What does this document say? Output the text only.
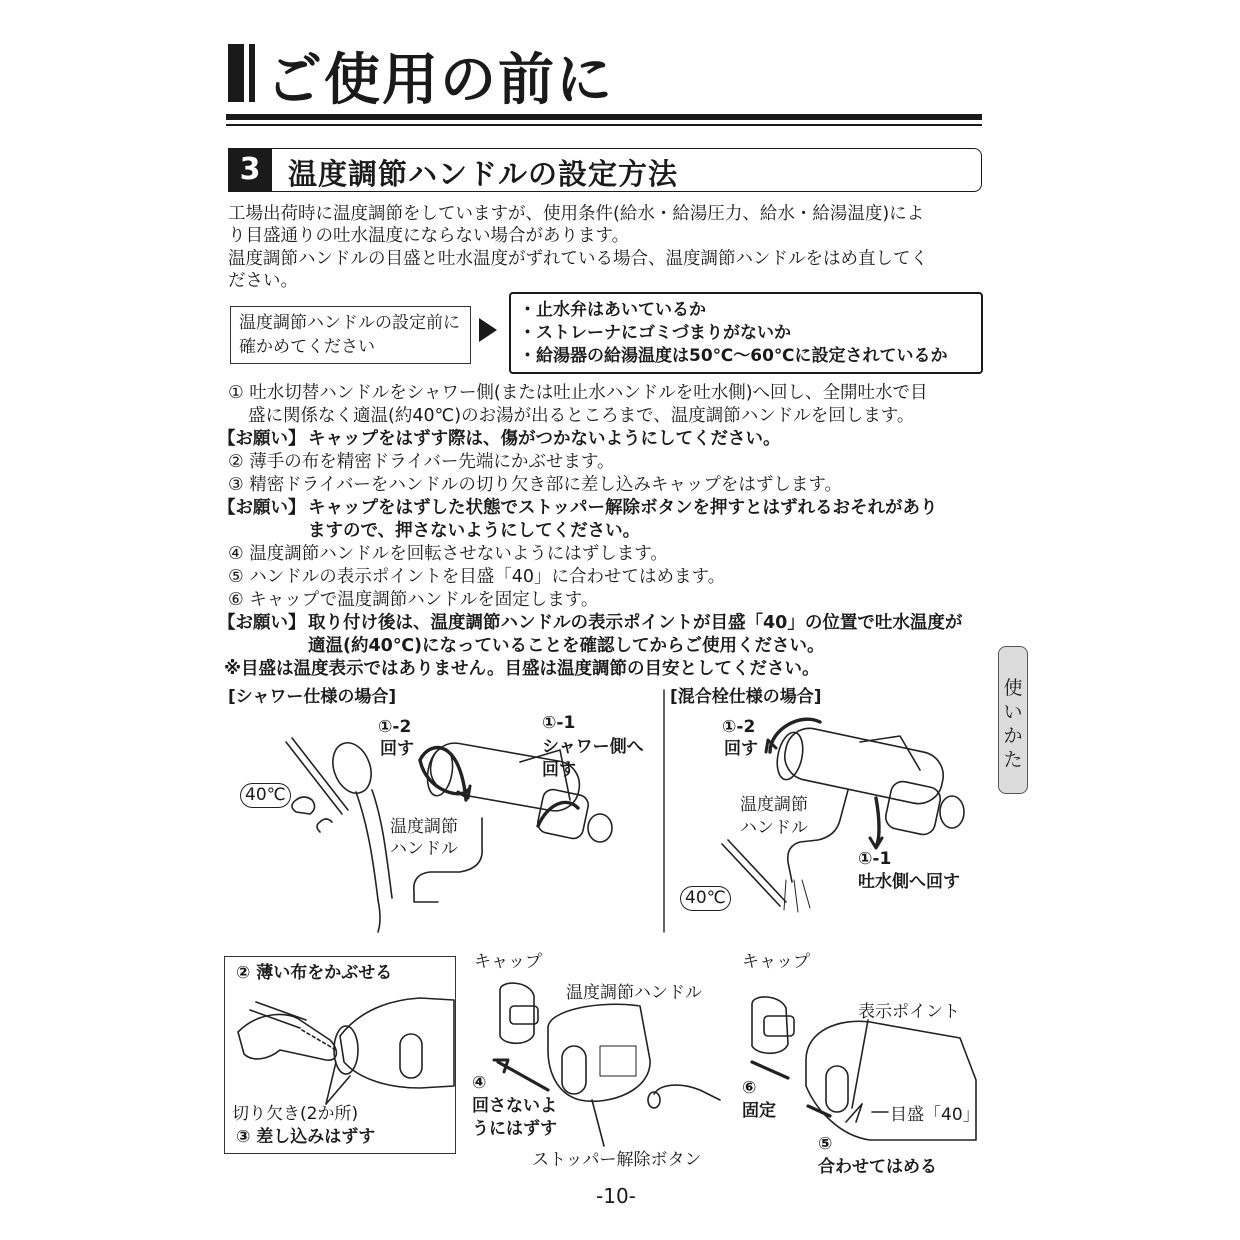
ご使用の前に
3 温度調節ハンドルの設定方法
工場出荷時に温度調節をしていますが、使用条件(給水・給湯圧力、給水・給湯温度)によ
り目盛通りの吐水温度にならない場合があります。
温度調節ハンドルの目盛と吐水温度がずれている場合、温度調節ハンドルをはめ直してく
ださい。
温度調節ハンドルの設定前に確かめてください
・止水弁はあいているか
・ストレーナにゴミづまりがないか
・給湯器の給湯温度は50℃～60℃に設定されているか
① 吐水切替ハンドルをシャワー側(または吐止水ハンドルを吐水側)へ回し、全開吐水で目
盛に関係なく適温(約40℃)のお湯が出るところまで、温度調節ハンドルを回します。
【お願い】 キャップをはずす際は、傷がつかないようにしてください。
② 薄手の布を精密ドライバー先端にかぶせます。
③ 精密ドライバーをハンドルの切り欠き部に差し込みキャップをはずします。
【お願い】 キャップをはずした状態でストッパー解除ボタンを押すとはずれるおそれがあり
ますので、押さないようにしてください。
④ 温度調節ハンドルを回転させないようにはずします。
⑤ ハンドルの表示ポイントを目盛「40」に合わせてはめます。
⑥ キャップで温度調節ハンドルを固定します。
【お願い】 取り付け後は、温度調節ハンドルの表示ポイントが目盛「40」の位置で吐水温度が
適温(約40℃)になっていることを確認してからご使用ください。
※目盛は温度表示ではありません。目盛は温度調節の目安としてください。
使いかた
[シャワー仕様の場合]
①-2
回す
①-1
シャワー側へ
回す
40℃
温度調節
ハンドル
[混合栓仕様の場合]
①-2
回す
温度調節
ハンドル
①-1
吐水側へ回す
40℃
② 薄い布をかぶせる
切り欠き(2か所)
③ 差し込みはずす
キャップ
温度調節ハンドル
④
回さないよ
うにはずす
ストッパー解除ボタン
キャップ
表示ポイント
⑥
固定	目盛「40」
⑤
合わせてはめる
-10-
